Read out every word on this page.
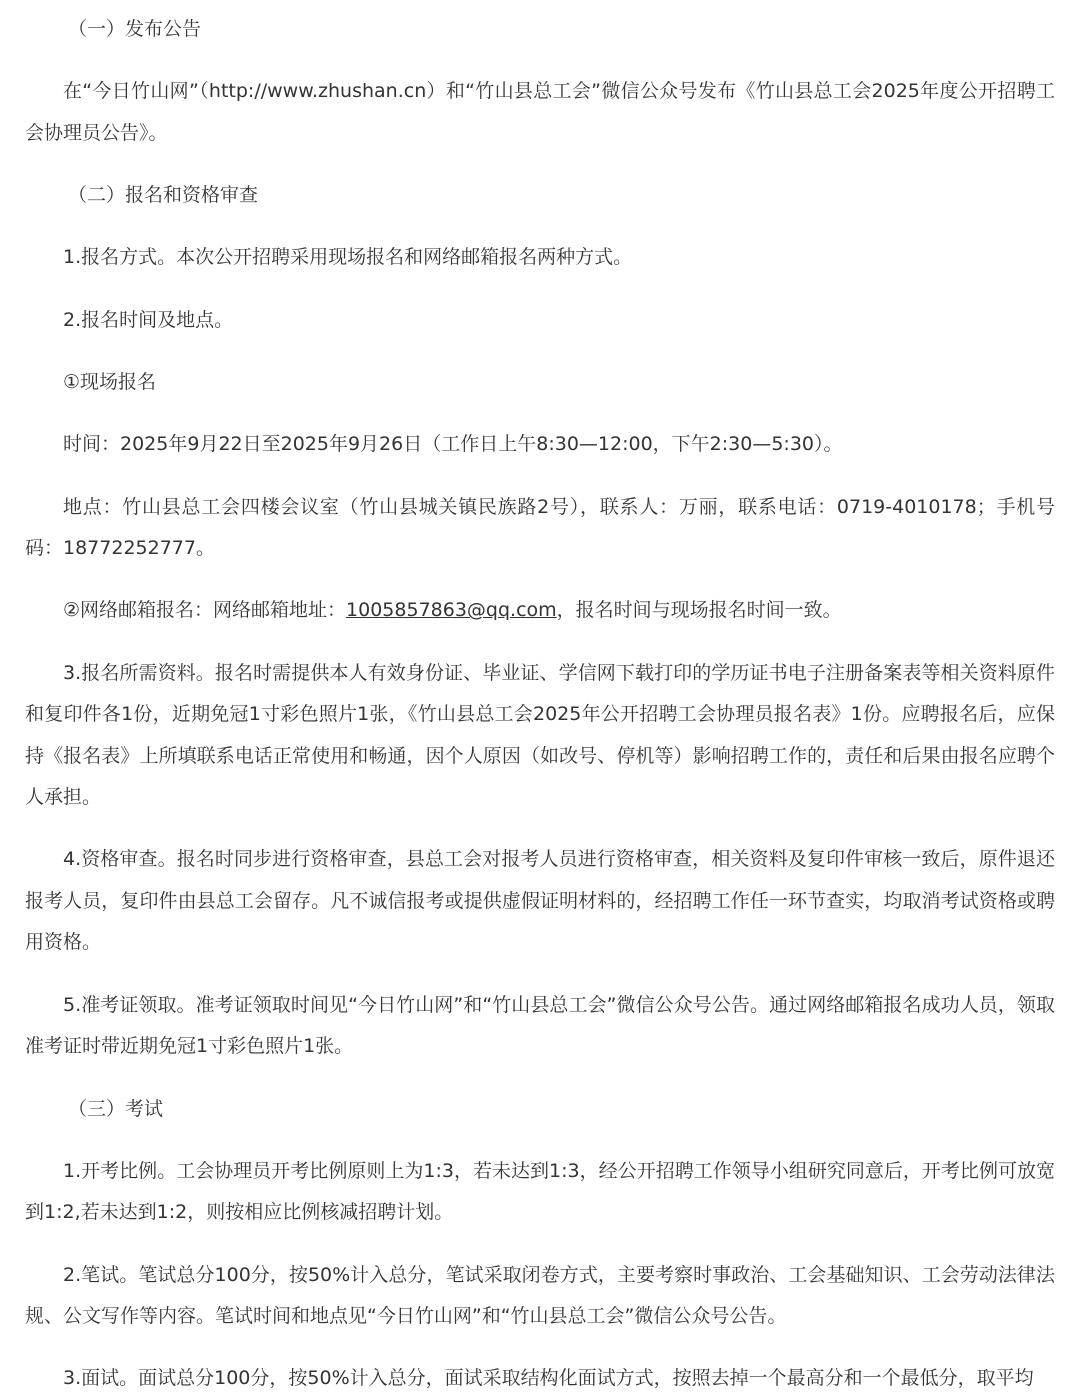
（一）发布公告

在“今日竹山网”（http://www.zhushan.cn）和“竹山县总工会”微信公众号发布《竹山县总工会2025年度公开招聘工会协理员公告》。

（二）报名和资格审查

1.报名方式。本次公开招聘采用现场报名和网络邮箱报名两种方式。

2.报名时间及地点。

①现场报名

时间：2025年9月22日至2025年9月26日（工作日上午8:30—12:00，下午2:30—5:30）。

地点：竹山县总工会四楼会议室（竹山县城关镇民族路2号），联系人：万丽，联系电话：0719-4010178；手机号码：18772252777。

②网络邮箱报名：网络邮箱地址：1005857863@qq.com，报名时间与现场报名时间一致。

3.报名所需资料。报名时需提供本人有效身份证、毕业证、学信网下载打印的学历证书电子注册备案表等相关资料原件和复印件各1份，近期免冠1寸彩色照片1张，《竹山县总工会2025年公开招聘工会协理员报名表》1份。应聘报名后，应保持《报名表》上所填联系电话正常使用和畅通，因个人原因（如改号、停机等）影响招聘工作的，责任和后果由报名应聘个人承担。

4.资格审查。报名时同步进行资格审查，县总工会对报考人员进行资格审查，相关资料及复印件审核一致后，原件退还报考人员，复印件由县总工会留存。凡不诚信报考或提供虚假证明材料的，经招聘工作任一环节查实，均取消考试资格或聘用资格。

5.准考证领取。准考证领取时间见“今日竹山网”和“竹山县总工会”微信公众号公告。通过网络邮箱报名成功人员，领取准考证时带近期免冠1寸彩色照片1张。

（三）考试

1.开考比例。工会协理员开考比例原则上为1:3，若未达到1:3，经公开招聘工作领导小组研究同意后，开考比例可放宽到1:2,若未达到1:2，则按相应比例核减招聘计划。

2.笔试。笔试总分100分，按50%计入总分，笔试采取闭卷方式，主要考察时事政治、工会基础知识、工会劳动法律法规、公文写作等内容。笔试时间和地点见“今日竹山网”和“竹山县总工会”微信公众号公告。

3.面试。面试总分100分，按50%计入总分，面试采取结构化面试方式，按照去掉一个最高分和一个最低分，取平均
